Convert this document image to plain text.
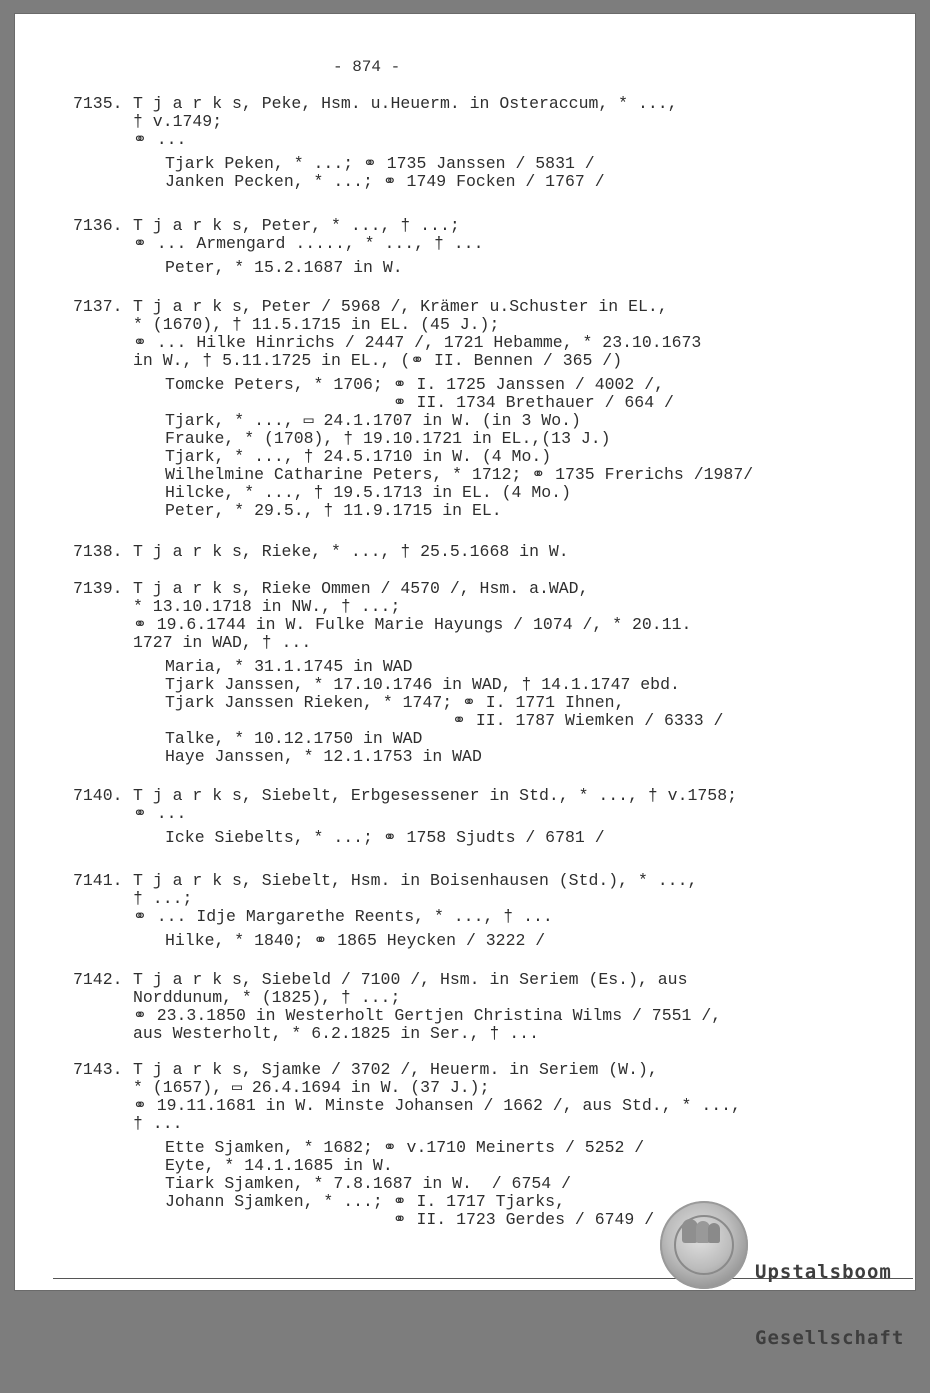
- 874 -
7135. T j a r k s, Peke, Hsm. u.Heuerm. in Osteraccum, * ...,
† v.1749;
⚭ ...
Tjark Peken, * ...; ⚭ 1735 Janssen / 5831 /
Janken Pecken, * ...; ⚭ 1749 Focken / 1767 /
7136. T j a r k s, Peter, * ..., † ...;
⚭ ... Armengard ....., * ..., † ...
Peter, * 15.2.1687 in W.
7137. T j a r k s, Peter / 5968 /, Krämer u.Schuster in EL.,
* (1670), † 11.5.1715 in EL. (45 J.);
⚭ ... Hilke Hinrichs / 2447 /, 1721 Hebamme, * 23.10.1673
in W., † 5.11.1725 in EL., (⚭ II. Bennen / 365 /)
Tomcke Peters, * 1706; ⚭ I. 1725 Janssen / 4002 /,
⚭ II. 1734 Brethauer / 664 /
Tjark, * ..., ▭ 24.1.1707 in W. (in 3 Wo.)
Frauke, * (1708), † 19.10.1721 in EL.,(13 J.)
Tjark, * ..., † 24.5.1710 in W. (4 Mo.)
Wilhelmine Catharine Peters, * 1712; ⚭ 1735 Frerichs /1987/
Hilcke, * ..., † 19.5.1713 in EL. (4 Mo.)
Peter, * 29.5., † 11.9.1715 in EL.
7138. T j a r k s, Rieke, * ..., † 25.5.1668 in W.
7139. T j a r k s, Rieke Ommen / 4570 /, Hsm. a.WAD,
* 13.10.1718 in NW., † ...;
⚭ 19.6.1744 in W. Fulke Marie Hayungs / 1074 /, * 20.11.
1727 in WAD, † ...
Maria, * 31.1.1745 in WAD
Tjark Janssen, * 17.10.1746 in WAD, † 14.1.1747 ebd.
Tjark Janssen Rieken, * 1747; ⚭ I. 1771 Ihnen,
⚭ II. 1787 Wiemken / 6333 /
Talke, * 10.12.1750 in WAD
Haye Janssen, * 12.1.1753 in WAD
7140. T j a r k s, Siebelt, Erbgesessener in Std., * ..., † v.1758;
⚭ ...
Icke Siebelts, * ...; ⚭ 1758 Sjudts / 6781 /
7141. T j a r k s, Siebelt, Hsm. in Boisenhausen (Std.), * ...,
† ...;
⚭ ... Idje Margarethe Reents, * ..., † ...
Hilke, * 1840; ⚭ 1865 Heycken / 3222 /
7142. T j a r k s, Siebeld / 7100 /, Hsm. in Seriem (Es.), aus
Norddunum, * (1825), † ...;
⚭ 23.3.1850 in Westerholt Gertjen Christina Wilms / 7551 /,
aus Westerholt, * 6.2.1825 in Ser., † ...
7143. T j a r k s, Sjamke / 3702 /, Heuerm. in Seriem (W.),
* (1657), ▭ 26.4.1694 in W. (37 J.);
⚭ 19.11.1681 in W. Minste Johansen / 1662 /, aus Std., * ...,
† ...
Ette Sjamken, * 1682; ⚭ v.1710 Meinerts / 5252 /
Eyte, * 14.1.1685 in W.
Tiark Sjamken, * 7.8.1687 in W.  / 6754 /
Johann Sjamken, * ...; ⚭ I. 1717 Tjarks,
⚭ II. 1723 Gerdes / 6749 /

Upstalsboom

Gesellschaft
